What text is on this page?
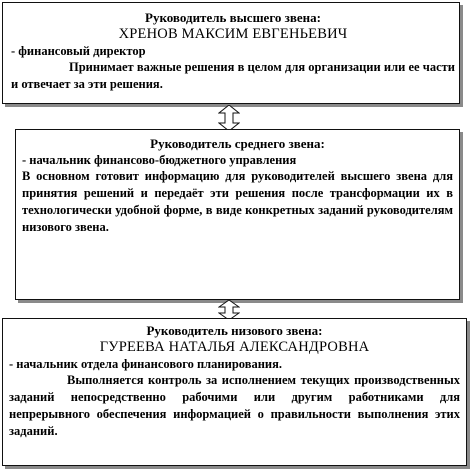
Руководитель высшего звена:
ХРЕНОВ МАКСИМ ЕВГЕНЬЕВИЧ
- финансовый директор
Принимает важные решения в целом для организации или ее части и отвечает за эти решения.
Руководитель среднего звена:
- начальник финансово-бюджетного управления
В основном готовит информацию для руководителей высшего звена для принятия решений и передаёт эти решения после трансформации их в технологически удобной форме, в виде конкретных заданий руководителям низового звена.
Руководитель низового звена:
ГУРЕЕВА НАТАЛЬЯ АЛЕКСАНДРОВНА
- начальник отдела финансового планирования.
Выполняется контроль за исполнением текущих производственных заданий непосредственно рабочими или другим работниками для непрерывного обеспечения информацией о правильности выполнения этих заданий.
